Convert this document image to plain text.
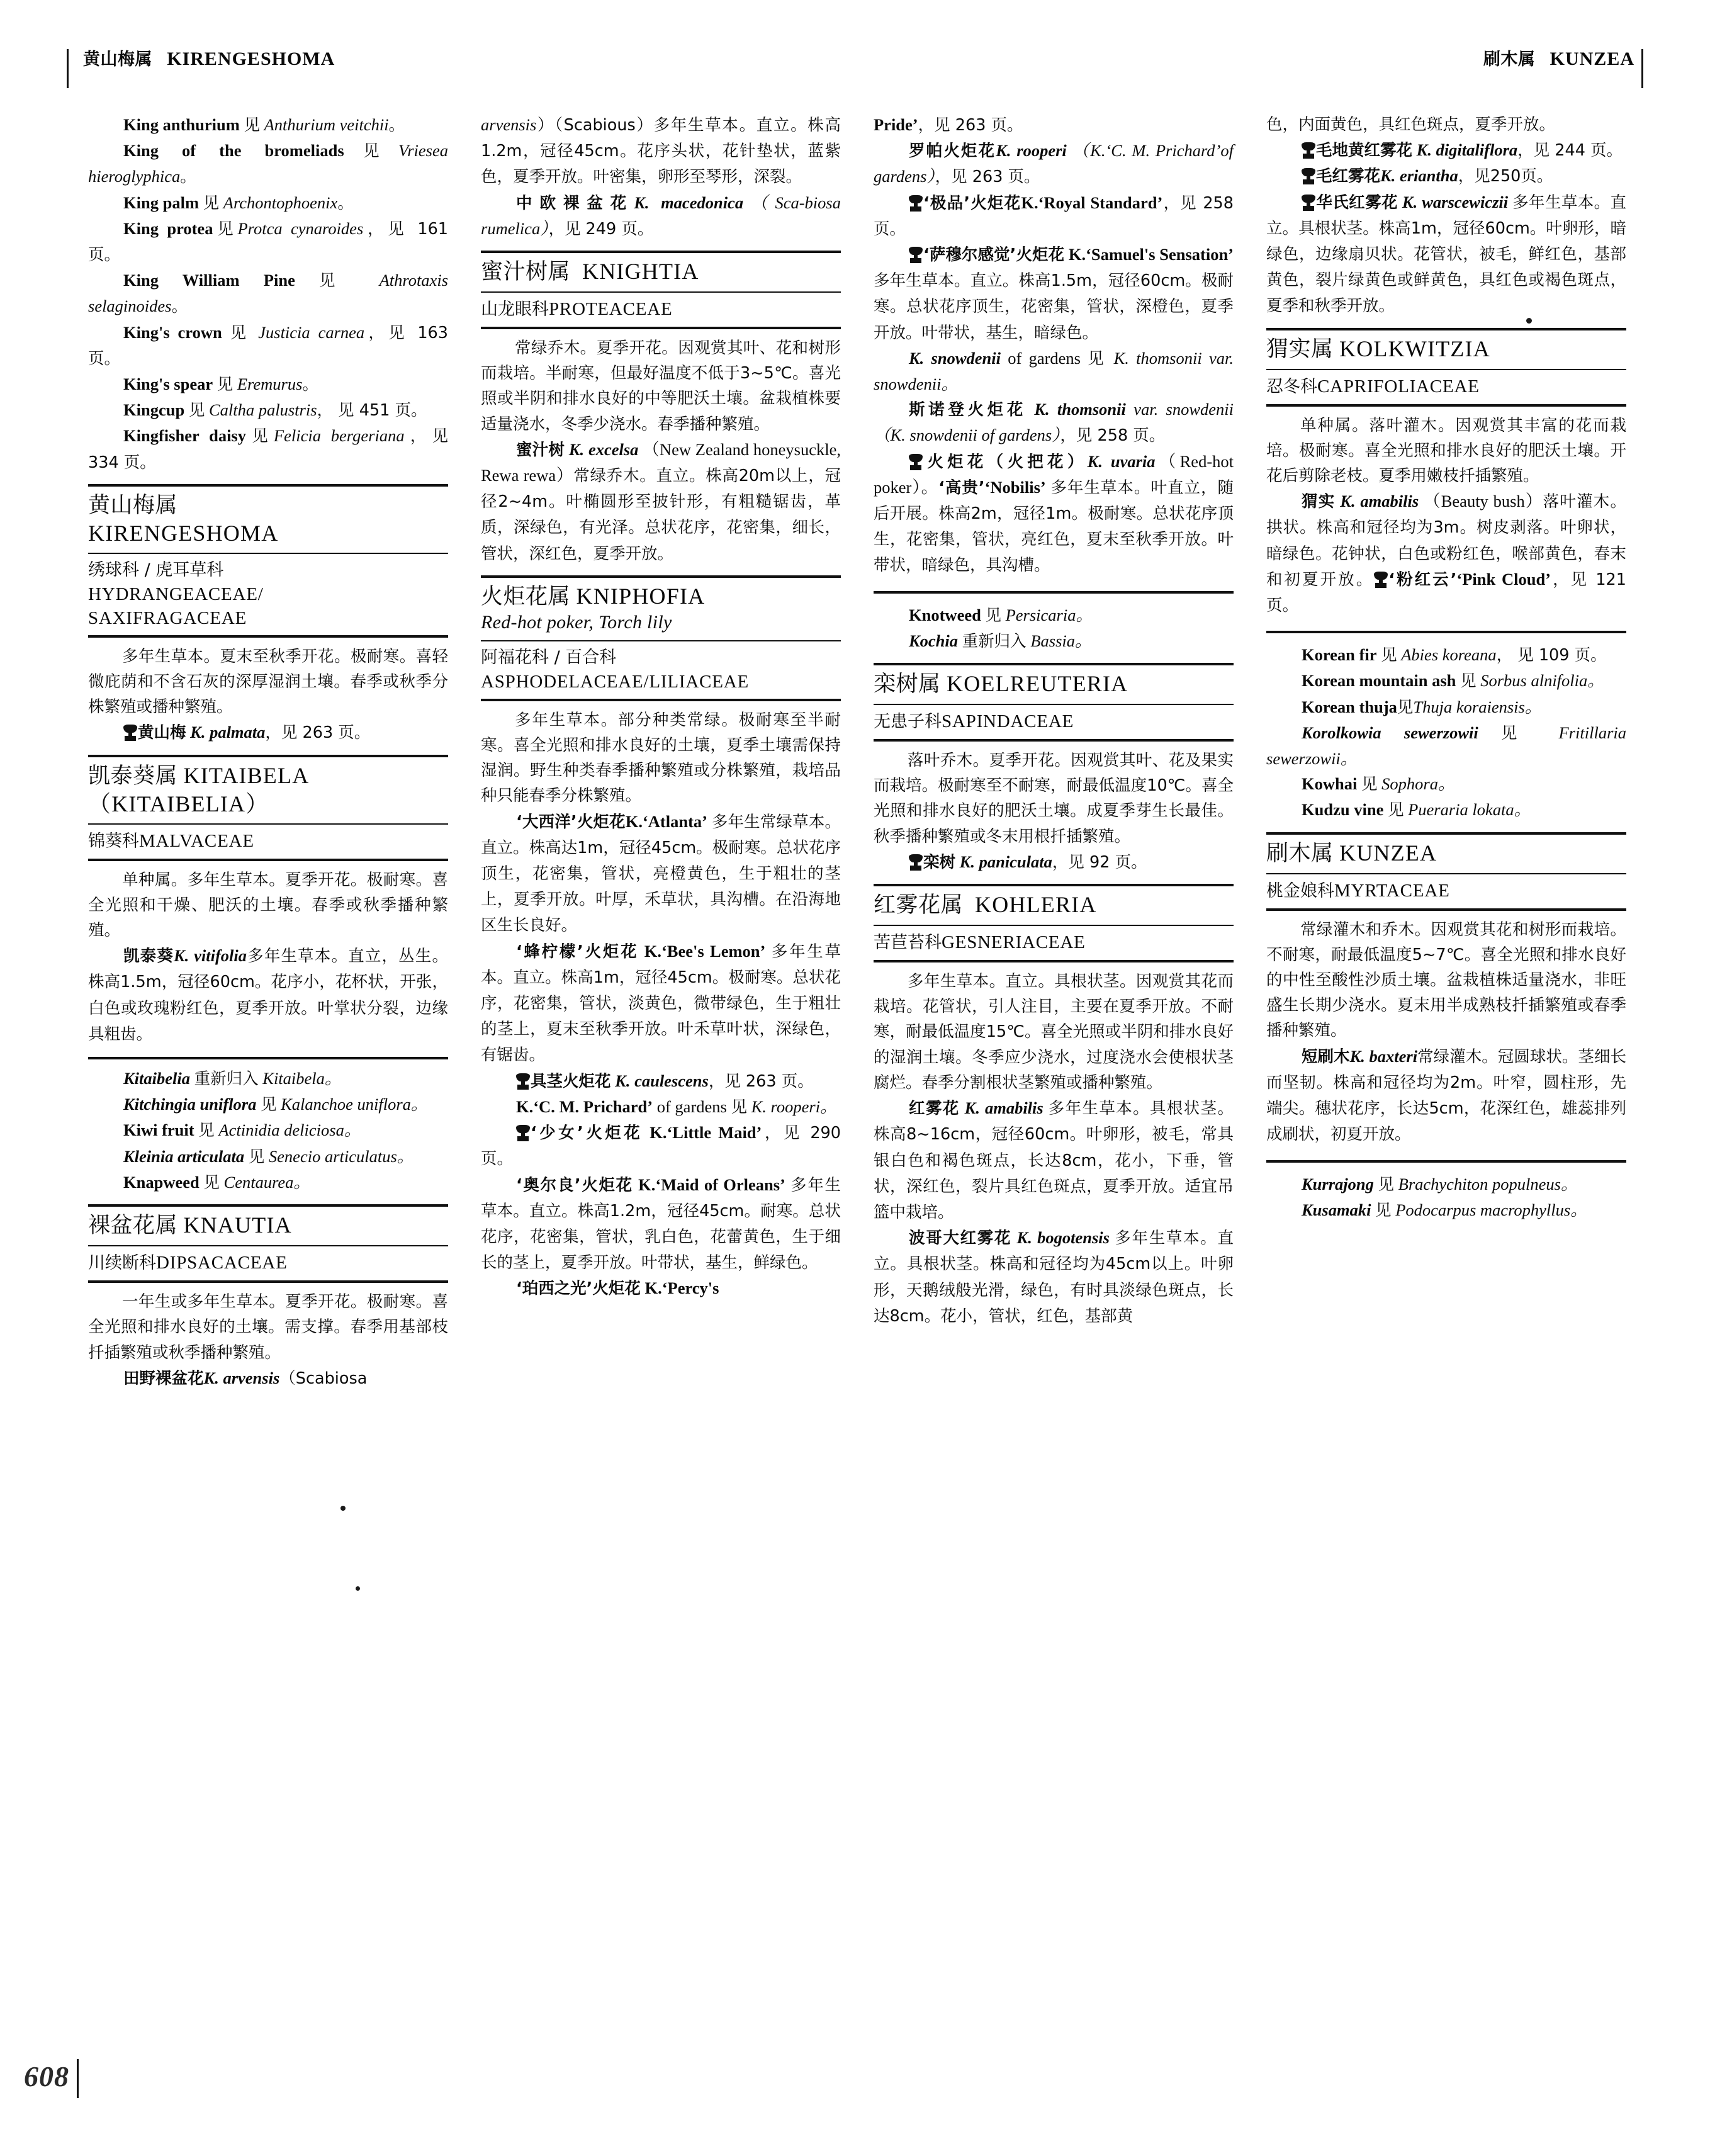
黄山梅属 KIRENGESHOMA	刷木属 KUNZEA
608

King anthurium 见 Anthurium veitchii。

King of the bromeliads见Vriesea hieroglyphica。

King palm 见 Archontophoenix。

King protea见Protca cynaroides，见 161 页。

King William Pine 见 Athrotaxis selaginoides。

King's crown 见 Justicia carnea，见 163 页。

King's spear 见 Eremurus。

Kingcup 见 Caltha palustris， 见 451 页。

Kingfisher daisy见Felicia bergeriana，见 334 页。

黄山梅属
KIRENGESHOMA
绣球科 / 虎耳草科
HYDRANGEACEAE/
SAXIFRAGACEAE

多年生草本。夏末至秋季开花。极耐寒。喜轻微庇荫和不含石灰的深厚湿润土壤。春季或秋季分株繁殖或播种繁殖。

黄山梅 K. palmata，见 263 页。

凯泰葵属 KITAIBELA
（KITAIBELIA）
锦葵科MALVACEAE

单种属。多年生草本。夏季开花。极耐寒。喜全光照和干燥、肥沃的土壤。春季或秋季播种繁殖。

凯泰葵K. vitifolia多年生草本。直立，丛生。株高1.5m，冠径60cm。花序小，花杯状，开张，白色或玫瑰粉红色，夏季开放。叶掌状分裂，边缘具粗齿。

Kitaibelia 重新归入 Kitaibela。

Kitchingia uniflora 见 Kalanchoe uniflora。

Kiwi fruit 见 Actinidia deliciosa。

Kleinia articulata 见 Senecio articulatus。

Knapweed 见 Centaurea。

裸盆花属 KNAUTIA
川续断科DIPSACACEAE

一年生或多年生草本。夏季开花。极耐寒。喜全光照和排水良好的土壤。需支撑。春季用基部枝扦插繁殖或秋季播种繁殖。

田野裸盆花K. arvensis（Scabiosa

arvensis）（Scabious）多年生草本。直立。株高1.2m，冠径45cm。花序头状，花针垫状，蓝紫色，夏季开放。叶密集，卵形至琴形，深裂。

中欧裸盆花K. macedonica（Sca-biosa rumelica），见 249 页。

蜜汁树属 KNIGHTIA
山龙眼科PROTEACEAE

常绿乔木。夏季开花。因观赏其叶、花和树形而栽培。半耐寒，但最好温度不低于3~5℃。喜光照或半阴和排水良好的中等肥沃土壤。盆栽植株要适量浇水，冬季少浇水。春季播种繁殖。

蜜汁树 K. excelsa （New Zealand honeysuckle, Rewa rewa）常绿乔木。直立。株高20m以上，冠径2~4m。叶椭圆形至披针形，有粗糙锯齿，革质，深绿色，有光泽。总状花序，花密集，细长，管状，深红色，夏季开放。

火炬花属 KNIPHOFIA
Red-hot poker, Torch lily
阿福花科 / 百合科
ASPHODELACEAE/LILIACEAE

多年生草本。部分种类常绿。极耐寒至半耐寒。喜全光照和排水良好的土壤，夏季土壤需保持湿润。野生种类春季播种繁殖或分株繁殖，栽培品种只能春季分株繁殖。

‘大西洋’火炬花K.‘Atlanta’ 多年生常绿草本。直立。株高达1m，冠径45cm。极耐寒。总状花序顶生，花密集，管状，亮橙黄色，生于粗壮的茎上，夏季开放。叶厚，禾草状，具沟槽。在沿海地区生长良好。

‘蜂柠檬’火炬花 K.‘Bee's Lemon’ 多年生草本。直立。株高1m，冠径45cm。极耐寒。总状花序，花密集，管状，淡黄色，微带绿色，生于粗壮的茎上，夏末至秋季开放。叶禾草叶状，深绿色，有锯齿。

具茎火炬花 K. caulescens，见 263 页。

K.‘C. M. Prichard’ of gardens 见 K. rooperi。

‘少女’火炬花 K.‘Little Maid’，见 290 页。

‘奥尔良’火炬花 K.‘Maid of Orleans’ 多年生草本。直立。株高1.2m，冠径45cm。耐寒。总状花序，花密集，管状，乳白色，花蕾黄色，生于细长的茎上，夏季开放。叶带状，基生，鲜绿色。

‘珀西之光’火炬花 K.‘Percy's

Pride’，见 263 页。

罗帕火炬花K. rooperi （K.‘C. M. Prichard’of gardens），见 263 页。

‘极品’火炬花K.‘Royal Standard’，见 258 页。

‘萨穆尔感觉’火炬花 K.‘Samuel's Sensation’ 多年生草本。直立。株高1.5m，冠径60cm。极耐寒。总状花序顶生，花密集，管状，深橙色，夏季开放。叶带状，基生，暗绿色。

K. snowdenii of gardens 见 K. thomsonii var. snowdenii。

斯诺登火炬花 K. thomsonii var. snowdenii （K. snowdenii of gardens），见 258 页。

火炬花（火把花）K. uvaria（Red-hot poker）。‘高贵’‘Nobilis’ 多年生草本。叶直立，随后开展。株高2m，冠径1m。极耐寒。总状花序顶生，花密集，管状，亮红色，夏末至秋季开放。叶带状，暗绿色，具沟槽。

Knotweed 见 Persicaria。

Kochia 重新归入 Bassia。

栾树属 KOELREUTERIA
无患子科SAPINDACEAE

落叶乔木。夏季开花。因观赏其叶、花及果实而栽培。极耐寒至不耐寒，耐最低温度10℃。喜全光照和排水良好的肥沃土壤。成夏季芽生长最佳。秋季播种繁殖或冬末用根扦插繁殖。

栾树 K. paniculata，见 92 页。

红雾花属 KOHLERIA
苦苣苔科GESNERIACEAE

多年生草本。直立。具根状茎。因观赏其花而栽培。花管状，引人注目，主要在夏季开放。不耐寒，耐最低温度15℃。喜全光照或半阴和排水良好的湿润土壤。冬季应少浇水，过度浇水会使根状茎腐烂。春季分割根状茎繁殖或播种繁殖。

红雾花 K. amabilis 多年生草本。具根状茎。株高8~16cm，冠径60cm。叶卵形，被毛，常具银白色和褐色斑点，长达8cm，花小，下垂，管状，深红色，裂片具红色斑点，夏季开放。适宜吊篮中栽培。

波哥大红雾花 K. bogotensis 多年生草本。直立。具根状茎。株高和冠径均为45cm以上。叶卵形，天鹅绒般光滑，绿色，有时具淡绿色斑点，长达8cm。花小，管状，红色，基部黄

色，内面黄色，具红色斑点，夏季开放。

毛地黄红雾花 K. digitaliflora，见 244 页。

毛红雾花K. eriantha，见250页。

华氏红雾花 K. warscewiczii 多年生草本。直立。具根状茎。株高1m，冠径60cm。叶卵形，暗绿色，边缘扇贝状。花管状，被毛，鲜红色，基部黄色，裂片绿黄色或鲜黄色，具红色或褐色斑点，夏季和秋季开放。

猬实属 KOLKWITZIA
忍冬科CAPRIFOLIACEAE

单种属。落叶灌木。因观赏其丰富的花而栽培。极耐寒。喜全光照和排水良好的肥沃土壤。开花后剪除老枝。夏季用嫩枝扦插繁殖。

猬实 K. amabilis （Beauty bush）落叶灌木。拱状。株高和冠径均为3m。树皮剥落。叶卵状，暗绿色。花钟状，白色或粉红色，喉部黄色，春末和初夏开放。 ‘粉红云’‘Pink Cloud’，见 121 页。

Korean fir 见 Abies koreana， 见 109 页。

Korean mountain ash 见 Sorbus alnifolia。

Korean thuja见Thuja koraiensis。

Korolkowia sewerzowii 见 Fritillaria sewerzowii。

Kowhai 见 Sophora。

Kudzu vine 见 Pueraria lokata。

刷木属 KUNZEA
桃金娘科MYRTACEAE

常绿灌木和乔木。因观赏其花和树形而栽培。不耐寒，耐最低温度5~7℃。喜全光照和排水良好的中性至酸性沙质土壤。盆栽植株适量浇水，非旺盛生长期少浇水。夏末用半成熟枝扦插繁殖或春季播种繁殖。

短刷木K. baxteri常绿灌木。冠圆球状。茎细长而坚韧。株高和冠径均为2m。叶窄，圆柱形，先端尖。穗状花序，长达5cm，花深红色，雄蕊排列成刷状，初夏开放。

Kurrajong 见 Brachychiton populneus。

Kusamaki 见 Podocarpus macrophyllus。
